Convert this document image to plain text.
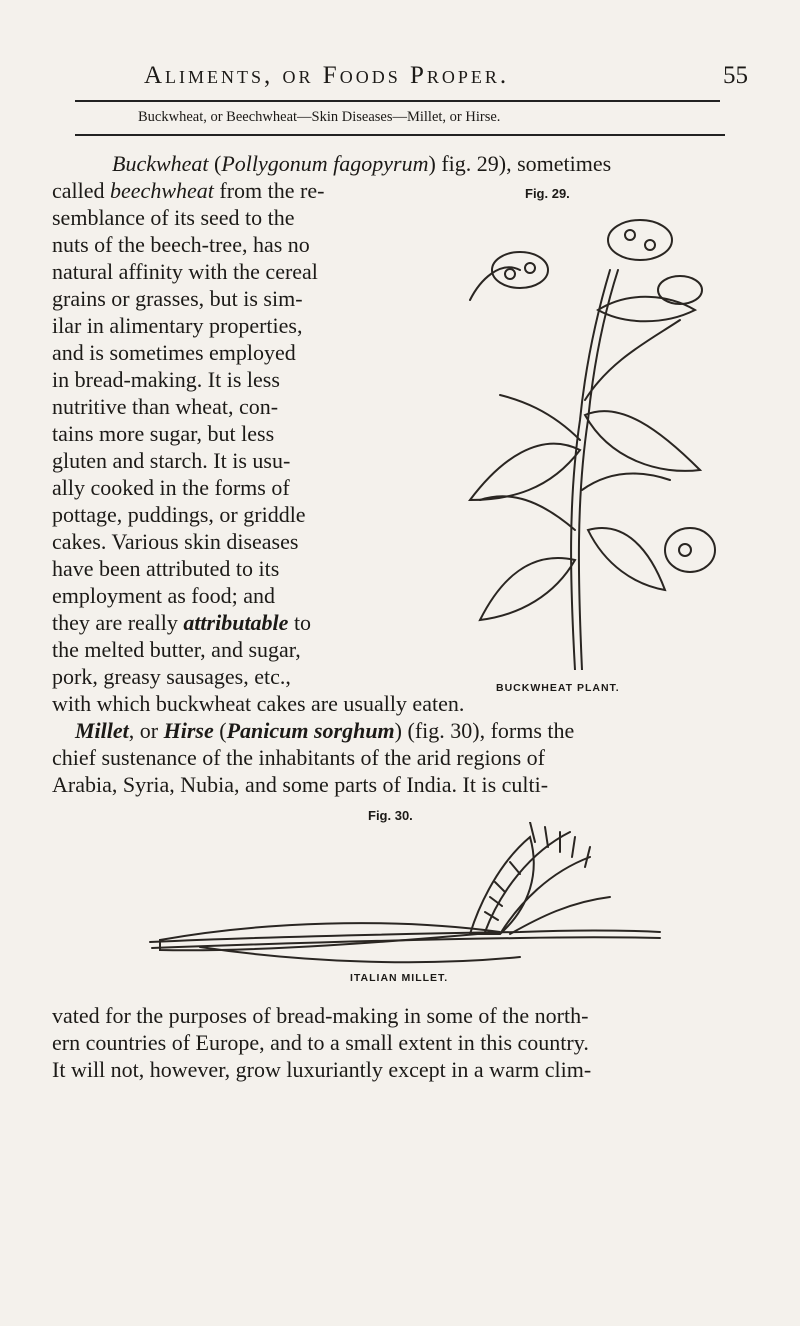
Aliments, or Foods Proper.	55
Buckwheat, or Beechwheat—Skin Diseases—Millet, or Hirse.
Buckwheat (Pollygonum fagopyrum) fig. 29), sometimes
called beechwheat from the re-
semblance of its seed to the
nuts of the beech-tree, has no
natural affinity with the cereal
grains or grasses, but is sim-
ilar in alimentary properties,
and is sometimes employed
in bread-making. It is less
nutritive than wheat, con-
tains more sugar, but less
gluten and starch. It is usu-
ally cooked in the forms of
pottage, puddings, or griddle
cakes. Various skin diseases
have been attributed to its
employment as food; and
they are really attributable to
the melted butter, and sugar,
pork, greasy sausages, etc.,
with which buckwheat cakes are usually eaten.
Fig. 29.
BUCKWHEAT PLANT.
Millet, or Hirse (Panicum sorghum) (fig. 30), forms the
chief sustenance of the inhabitants of the arid regions of
Arabia, Syria, Nubia, and some parts of India. It is culti-
Fig. 30.
ITALIAN MILLET.
vated for the purposes of bread-making in some of the north-
ern countries of Europe, and to a small extent in this country.
It will not, however, grow luxuriantly except in a warm clim-
